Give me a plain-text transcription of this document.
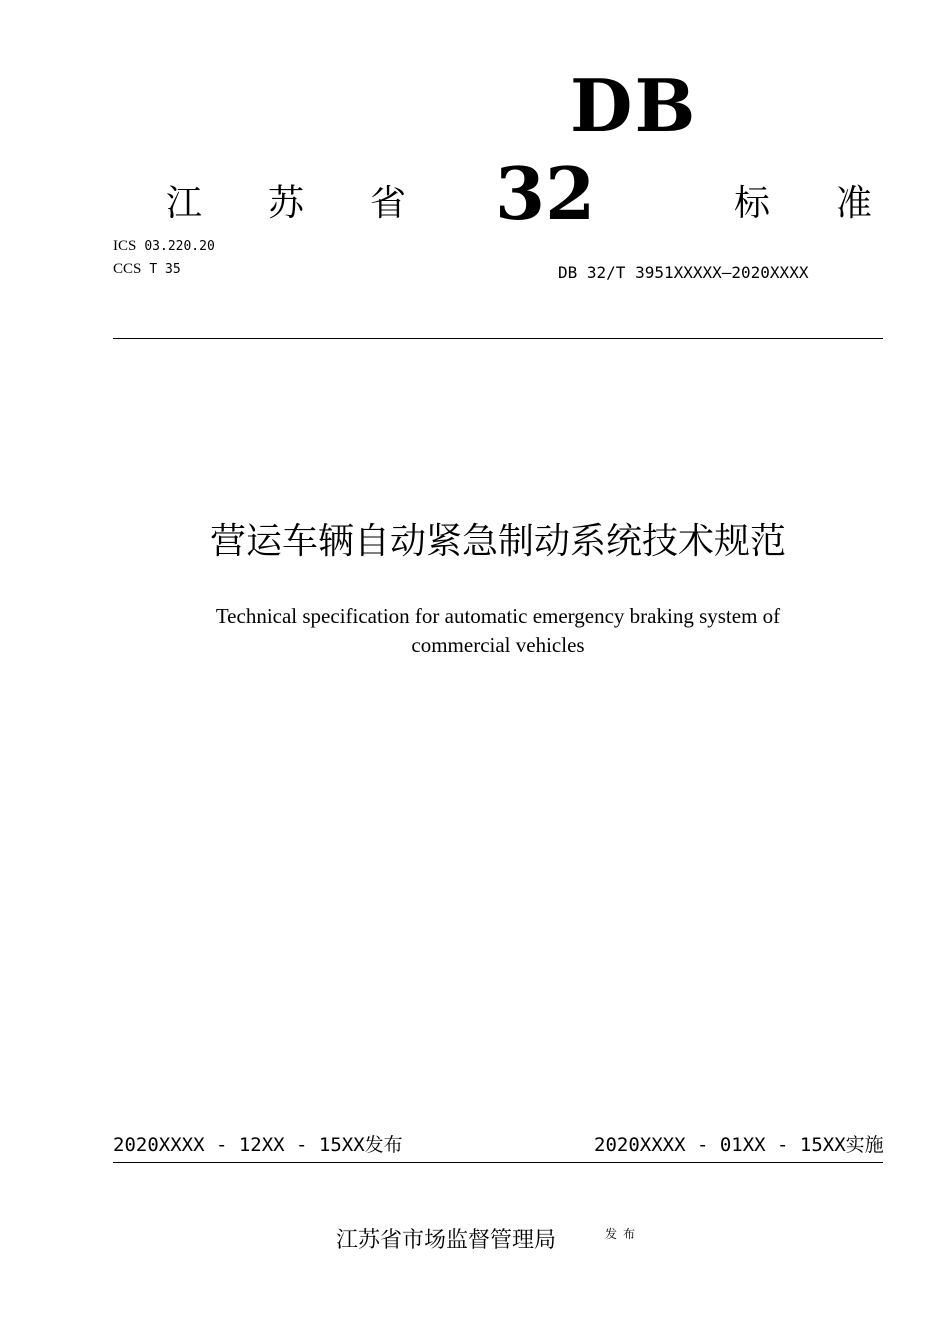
DB
32
江 苏 省	标 准
ICS 03.220.20
CCS T 35	DB 32/T 3951XXXXX—2020XXXX
营运车辆自动紧急制动系统技术规范
Technical specification for automatic emergency braking system of
commercial vehicles
2020XXXX - 12XX - 15XX发布	2020XXXX - 01XX - 15XX实施
江苏省市场监督管理局	发布
